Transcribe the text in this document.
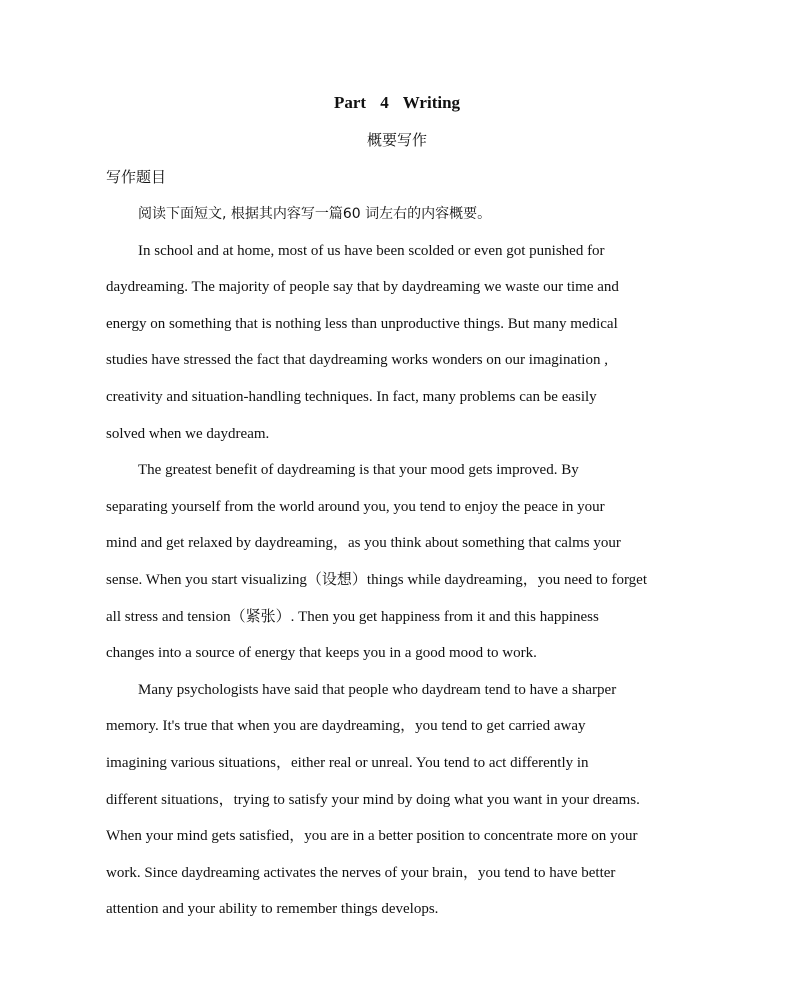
Part 4 Writing
概要写作
写作题目
阅读下面短文, 根据其内容写一篇60 词左右的内容概要。
In school and at home, most of us have been scolded or even got punished for
daydreaming. The majority of people say that by daydreaming we waste our time and
energy on something that is nothing less than unproductive things. But many medical
studies have stressed the fact that daydreaming works wonders on our imagination ,
creativity and situation-handling techniques. In fact, many problems can be easily
solved when we daydream.
The greatest benefit of daydreaming is that your mood gets improved. By
separating yourself from the world around you, you tend to enjoy the peace in your
mind and get relaxed by daydreaming，as you think about something that calms your
sense. When you start visualizing（设想）things while daydreaming，you need to forget
all stress and tension（紧张）. Then you get happiness from it and this happiness
changes into a source of energy that keeps you in a good mood to work.
Many psychologists have said that people who daydream tend to have a sharper
memory. It's true that when you are daydreaming，you tend to get carried away
imagining various situations，either real or unreal. You tend to act differently in
different situations，trying to satisfy your mind by doing what you want in your dreams.
When your mind gets satisfied，you are in a better position to concentrate more on your
work. Since daydreaming activates the nerves of your brain，you tend to have better
attention and your ability to remember things develops.
